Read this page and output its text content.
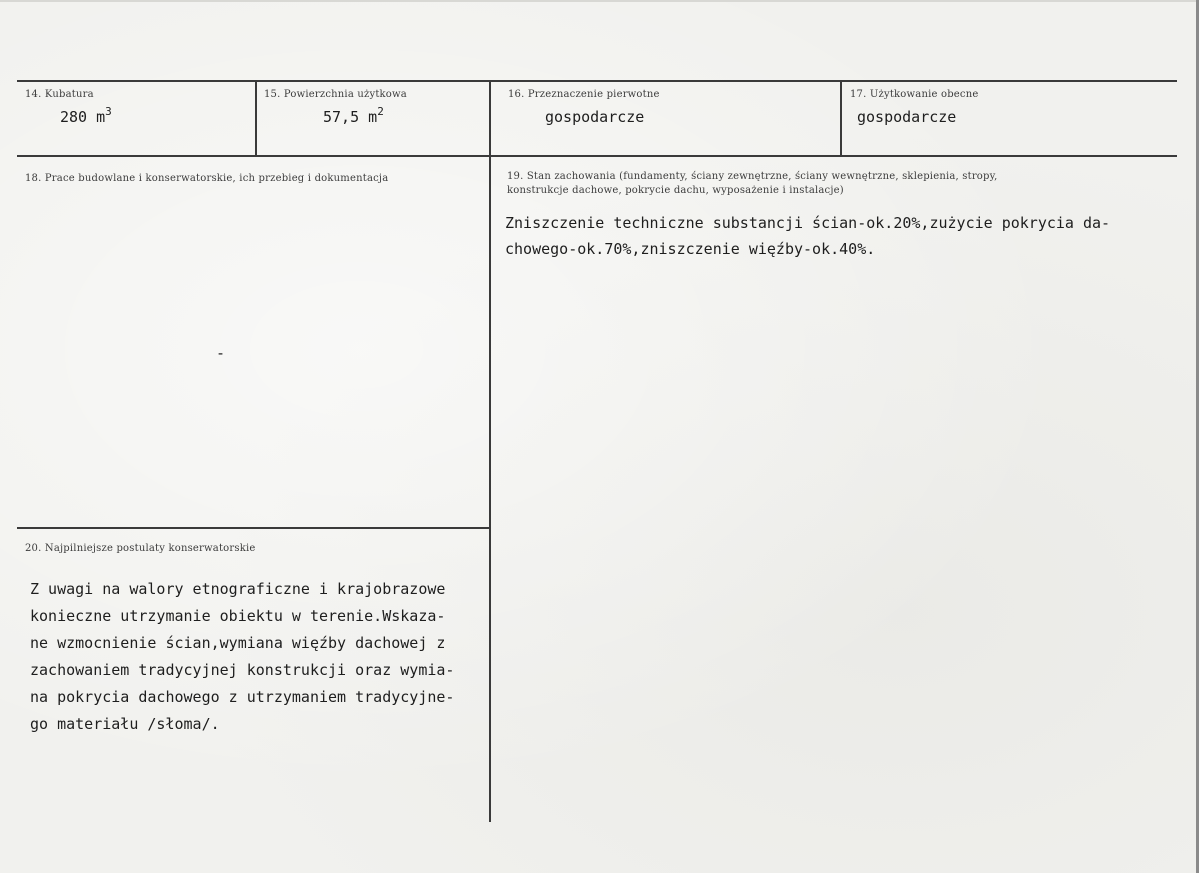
14. Kubatura
280 $m^3$
15. Powierzchnia użytkowa
57,5 $m^2$
16. Przeznaczenie pierwotne
gospodarcze
17. Użytkowanie obecne
gospodarcze
18. Prace budowlane i konserwatorskie, ich przebieg i dokumentacja
-
19. Stan zachowania (fundamenty, ściany zewnętrzne, ściany wewnętrzne, sklepienia, stropy,
konstrukcje dachowe, pokrycie dachu, wyposażenie i instalacje)
Zniszczenie techniczne substancji ścian-ok.20%,zużycie pokrycia da-
chowego-ok.70%,zniszczenie więźby-ok.40%.
20. Najpilniejsze postulaty konserwatorskie
Z uwagi na walory etnograficzne i krajobrazowe
konieczne utrzymanie obiektu w terenie.Wskaza-
ne wzmocnienie ścian,wymiana więźby dachowej z
zachowaniem tradycyjnej konstrukcji oraz wymia-
na pokrycia dachowego z utrzymaniem tradycyjne-
go materiału /słoma/.
